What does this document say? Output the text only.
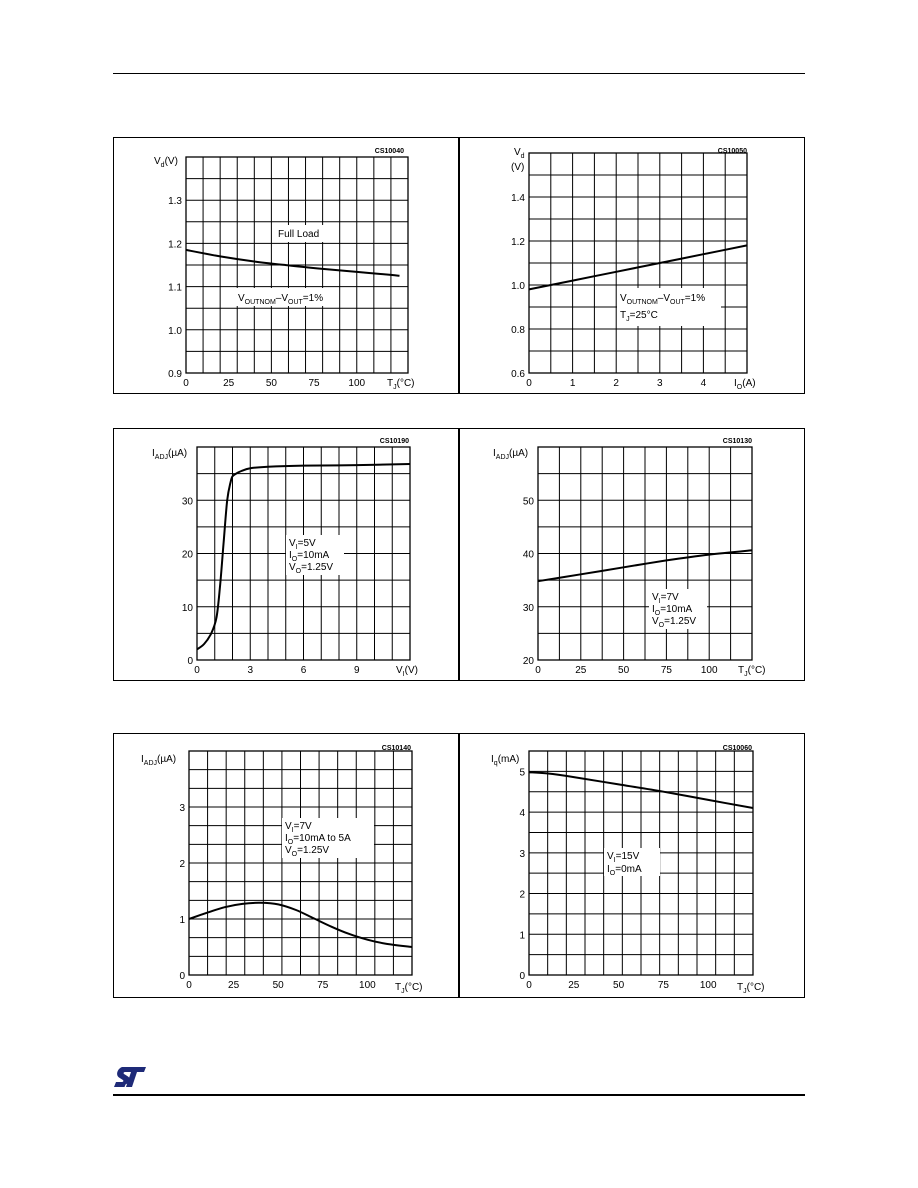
CS10040
$V_d(V)$
$T_J(^\circ C)$
Full Load
$V_{OUTNOM}-V_{OUT}=1\%$
0	25	50	75	100
0.9
1.0
1.1
1.2
1.3
CS10050
$V_d$
(V)
$I_O(A)$
$V_{OUTNOM}-V_{OUT}=1\%$
$T_J=25^\circ C$
0	1	2	3	4
0.6
0.8
1.0
1.2
1.4
CS10190
$I_{ADJ}(\mu A)$
$V_I(V)$
$V_I=5V$
$I_O=10mA$
$V_O=1.25V$
0	3	6	9
0
10
20
30
CS10130
$I_{ADJ}(\mu A)$
$T_J(^\circ C)$
$V_I=7V$
$I_O=10mA$
$V_O=1.25V$
0	25	50	75	100
20
30
40
50
CS10140
$I_{ADJ}(\mu A)$
$T_J(^\circ C)$
$V_I=7V$
$I_O=10mA$ to 5A
$V_O=1.25V$
0	25	50	75	100
0
1
2
3
CS10060
$I_q(mA)$
$T_J(^\circ C)$
$V_I=15V$
$I_O=0mA$
0	25	50	75	100
0
1
2
3
4
5
